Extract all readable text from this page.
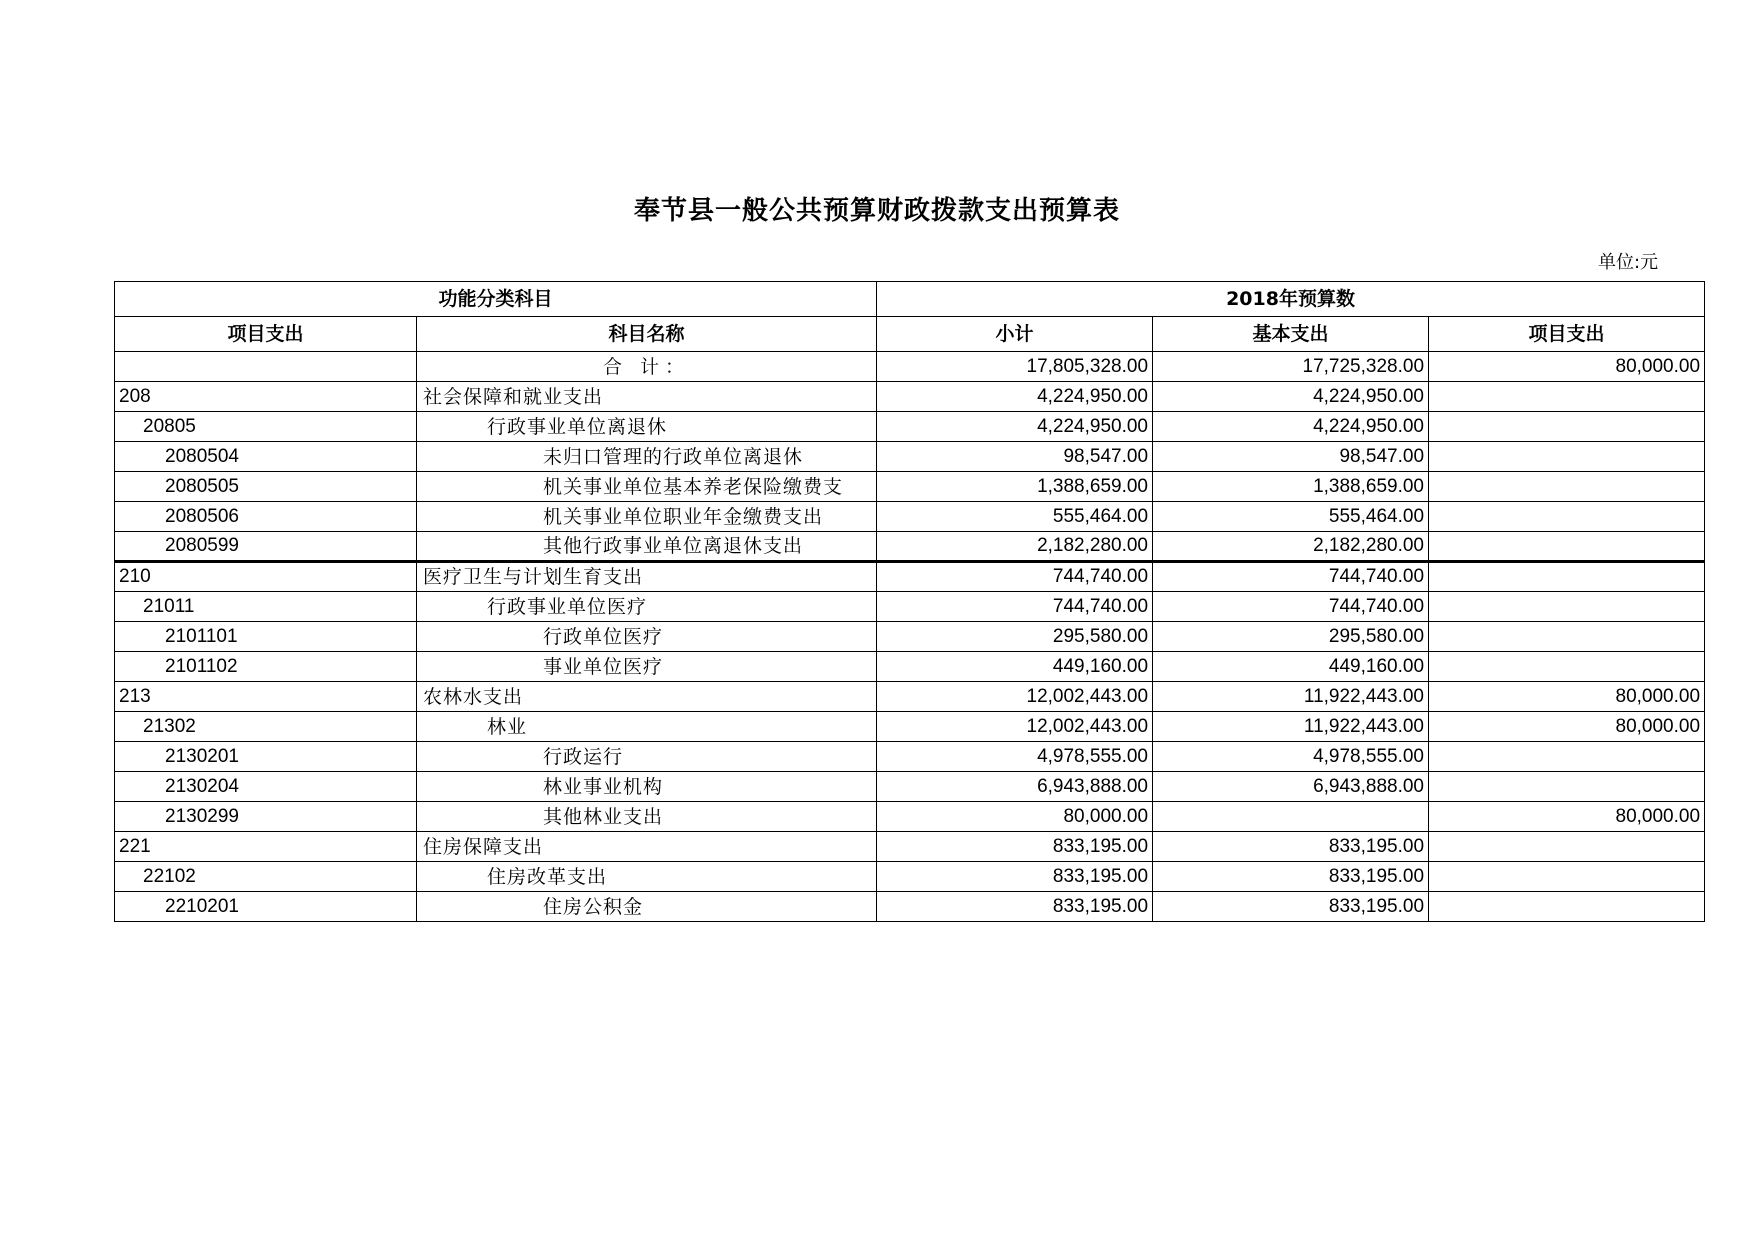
奉节县一般公共预算财政拨款支出预算表
单位:元
功能分类科目		2018年预算数		
项目支出	科目名称	小计	基本支出	项目支出
	合 计：	17,805,328.00	17,725,328.00	80,000.00
208	社会保障和就业支出	4,224,950.00	4,224,950.00	
20805	行政事业单位离退休	4,224,950.00	4,224,950.00	
2080504	未归口管理的行政单位离退休	98,547.00	98,547.00	
2080505	机关事业单位基本养老保险缴费支	1,388,659.00	1,388,659.00	
2080506	机关事业单位职业年金缴费支出	555,464.00	555,464.00	
2080599	其他行政事业单位离退休支出	2,182,280.00	2,182,280.00	
210	医疗卫生与计划生育支出	744,740.00	744,740.00	
21011	行政事业单位医疗	744,740.00	744,740.00	
2101101	行政单位医疗	295,580.00	295,580.00	
2101102	事业单位医疗	449,160.00	449,160.00	
213	农林水支出	12,002,443.00	11,922,443.00	80,000.00
21302	林业	12,002,443.00	11,922,443.00	80,000.00
2130201	行政运行	4,978,555.00	4,978,555.00	
2130204	林业事业机构	6,943,888.00	6,943,888.00	
2130299	其他林业支出	80,000.00		80,000.00
221	住房保障支出	833,195.00	833,195.00	
22102	住房改革支出	833,195.00	833,195.00	
2210201	住房公积金	833,195.00	833,195.00	
